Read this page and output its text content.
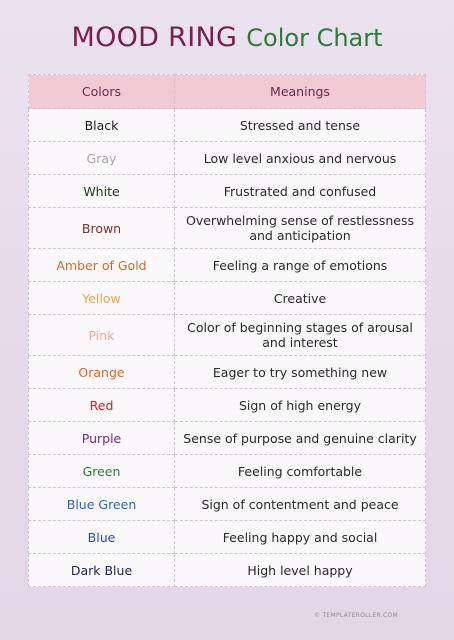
MOOD RING Color Chart
Colors	Meanings
Black	Stressed and tense
Gray	Low level anxious and nervous
White	Frustrated and confused
Brown	Overwhelming sense of restlessness and anticipation
Amber of Gold	Feeling a range of emotions
Yellow	Creative
Pink	Color of beginning stages of arousal and interest
Orange	Eager to try something new
Red	Sign of high energy
Purple	Sense of purpose and genuine clarity
Green	Feeling comfortable
Blue Green	Sign of contentment and peace
Blue	Feeling happy and social
Dark Blue	High level happy
© TEMPLATEROLLER.COM
